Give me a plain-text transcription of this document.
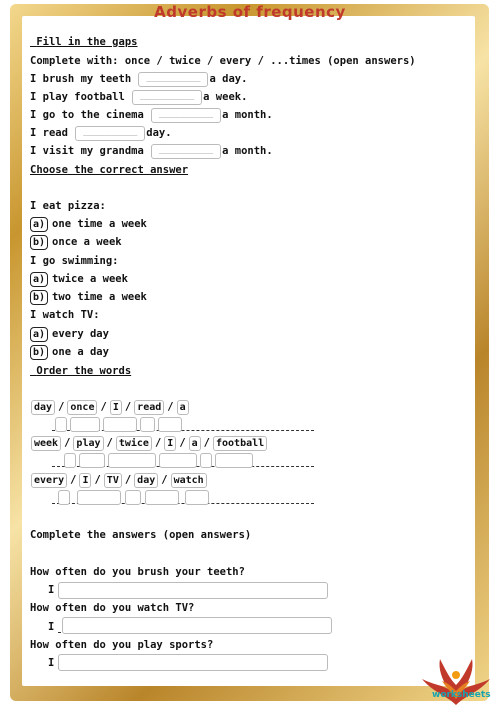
Adverbs of frequency
Fill in the gaps
Complete with: once / twice / every / ...times (open answers)
I brush my teeth __________ a day.
I play football __________ a week.
I go to the cinema __________ a month.
I read __________ day.
I visit my grandma __________ a month.
Choose the correct answer
I eat pizza:
a) one time a week
b) once a week
I go swimming:
a) twice a week
b) two time a week
I watch TV:
a) every day
b) one a day
Order the words
day / once / I / read / a
week / play / twice / I / a / football
every / I / TV / day / watch
Complete the answers (open answers)
How often do you brush your teeth?
I
How often do you watch TV?
I
How often do you play sports?
I
worksheets
